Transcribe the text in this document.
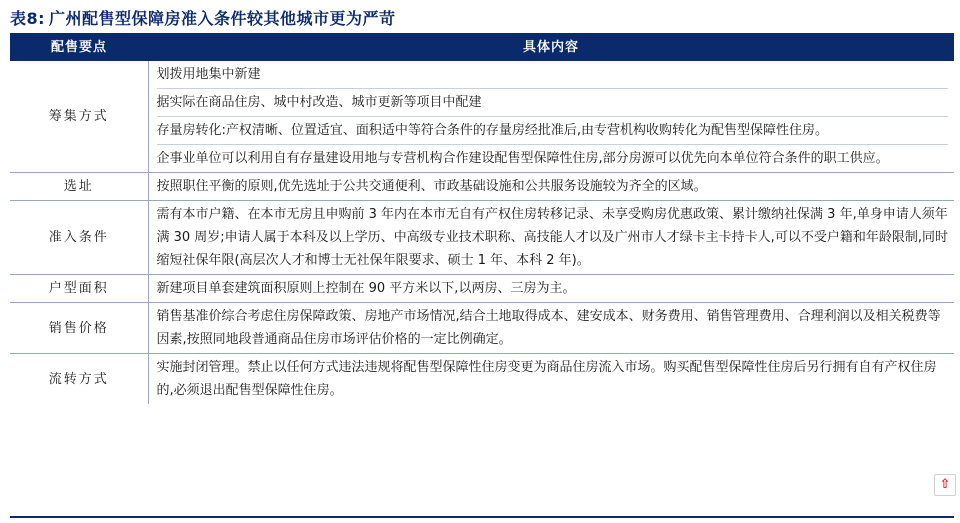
表8: 广州配售型保障房准入条件较其他城市更为严苛
配售要点	具体内容
筹集方式	划拨用地集中新建
据实际在商品住房、城中村改造、城市更新等项目中配建
存量房转化:产权清晰、位置适宜、面积适中等符合条件的存量房经批准后,由专营机构收购转化为配售型保障性住房。
企事业单位可以利用自有存量建设用地与专营机构合作建设配售型保障性住房,部分房源可以优先向本单位符合条件的职工供应。

选址	按照职住平衡的原则,优先选址于公共交通便利、市政基础设施和公共服务设施较为齐全的区域。

准入条件	需有本市户籍、在本市无房且申购前 3 年内在本市无自有产权住房转移记录、未享受购房优惠政策、累计缴纳社保满 3 年,单身申请人须年满 30 周岁;申请人属于本科及以上学历、中高级专业技术职称、高技能人才以及广州市人才绿卡主卡持卡人,可以不受户籍和年龄限制,同时缩短社保年限(高层次人才和博士无社保年限要求、硕士 1 年、本科 2 年)。

户型面积	新建项目单套建筑面积原则上控制在 90 平方米以下,以两房、三房为主。

销售价格	销售基准价综合考虑住房保障政策、房地产市场情况,结合土地取得成本、建安成本、财务费用、销售管理费用、合理利润以及相关税费等因素,按照同地段普通商品住房市场评估价格的一定比例确定。

流转方式	实施封闭管理。禁止以任何方式违法违规将配售型保障性住房变更为商品住房流入市场。购买配售型保障性住房后另行拥有自有产权住房的,必须退出配售型保障性住房。
⇧
